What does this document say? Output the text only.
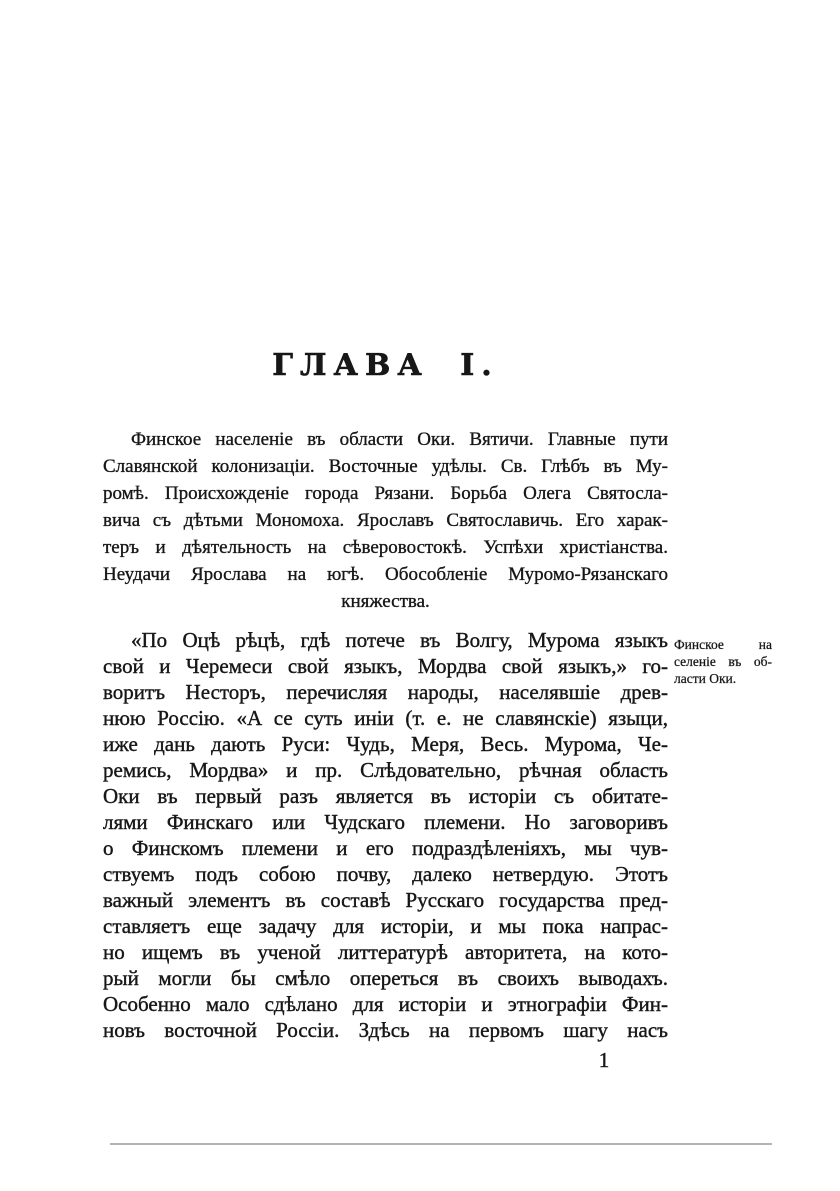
ГЛАВА I.
Финское населеніе въ области Оки. Вятичи. Главные пути
Славянской колонизаціи. Восточные удѣлы. Св. Глѣбъ въ Му-
ромѣ. Происхожденіе города Рязани. Борьба Олега Святосла-
вича съ дѣтьми Мономоха. Ярославъ Святославичь. Его харак-
теръ и дѣятельность на сѣверовостокѣ. Успѣхи христіанства.
Неудачи Ярослава на югѣ. Обособленіе Муромо-Рязанскаго
княжества.
«По Оцѣ рѣцѣ, гдѣ потече въ Волгу, Мурома языкъ
свой и Черемеси свой языкъ, Мордва свой языкъ,» го-
воритъ Несторъ, перечисляя народы, населявшіе древ-
нюю Россію. «А се суть иніи (т. е. не славянскіе) языци,
иже дань дають Руси: Чудь, Меря, Весь. Мурома, Че-
ремись, Мордва» и пр. Слѣдовательно, рѣчная область
Оки въ первый разъ является въ исторіи съ обитате-
лями Финскаго или Чудскаго племени. Но заговоривъ
о Финскомъ племени и его подраздѣленіяхъ, мы чув-
ствуемъ подъ собою почву, далеко нетвердую. Этотъ
важный элементъ въ составѣ Русскаго государства пред-
ставляетъ еще задачу для исторіи, и мы пока напрас-
но ищемъ въ ученой литтературѣ авторитета, на кото-
рый могли бы смѣло опереться въ своихъ выводахъ.
Особенно мало сдѣлано для исторіи и этнографіи Фин-
новъ восточной Россіи. Здѣсь на первомъ шагу насъ
Финское на
селеніе въ об-
ласти Оки.
1
